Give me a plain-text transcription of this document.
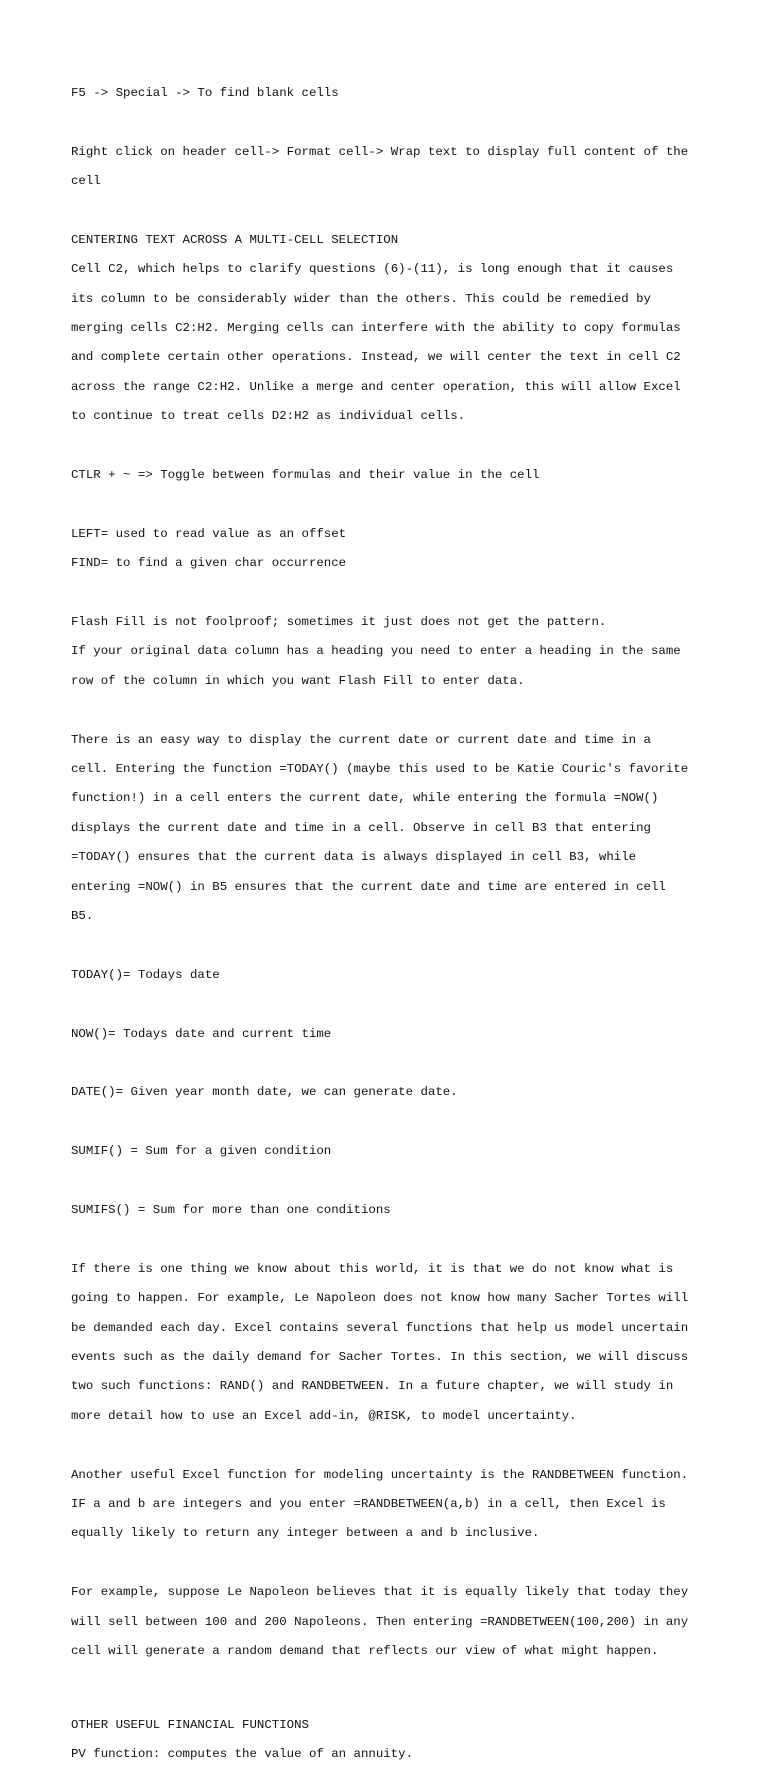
F5 -> Special -> To find blank cells

Right click on header cell-> Format cell-> Wrap text to display full content of the

cell

CENTERING TEXT ACROSS A MULTI-CELL SELECTION

Cell C2, which helps to clarify questions (6)-(11), is long enough that it causes

its column to be considerably wider than the others. This could be remedied by

merging cells C2:H2. Merging cells can interfere with the ability to copy formulas

and complete certain other operations. Instead, we will center the text in cell C2

across the range C2:H2. Unlike a merge and center operation, this will allow Excel

to continue to treat cells D2:H2 as individual cells.

CTLR + ~ => Toggle between formulas and their value in the cell

LEFT= used to read value as an offset

FIND= to find a given char occurrence

Flash Fill is not foolproof; sometimes it just does not get the pattern.

If your original data column has a heading you need to enter a heading in the same

row of the column in which you want Flash Fill to enter data.

There is an easy way to display the current date or current date and time in a

cell. Entering the function =TODAY() (maybe this used to be Katie Couric's favorite

function!) in a cell enters the current date, while entering the formula =NOW()

displays the current date and time in a cell. Observe in cell B3 that entering

=TODAY() ensures that the current data is always displayed in cell B3, while

entering =NOW() in B5 ensures that the current date and time are entered in cell

B5.

TODAY()= Todays date

NOW()= Todays date and current time

DATE()= Given year month date, we can generate date.

SUMIF() = Sum for a given condition

SUMIFS() = Sum for more than one conditions

If there is one thing we know about this world, it is that we do not know what is

going to happen. For example, Le Napoleon does not know how many Sacher Tortes will

be demanded each day. Excel contains several functions that help us model uncertain

events such as the daily demand for Sacher Tortes. In this section, we will discuss

two such functions: RAND() and RANDBETWEEN. In a future chapter, we will study in

more detail how to use an Excel add-in, @RISK, to model uncertainty.

Another useful Excel function for modeling uncertainty is the RANDBETWEEN function.

IF a and b are integers and you enter =RANDBETWEEN(a,b) in a cell, then Excel is

equally likely to return any integer between a and b inclusive.

For example, suppose Le Napoleon believes that it is equally likely that today they

will sell between 100 and 200 Napoleons. Then entering =RANDBETWEEN(100,200) in any

cell will generate a random demand that reflects our view of what might happen.

OTHER USEFUL FINANCIAL FUNCTIONS

PV function: computes the value of an annuity.
